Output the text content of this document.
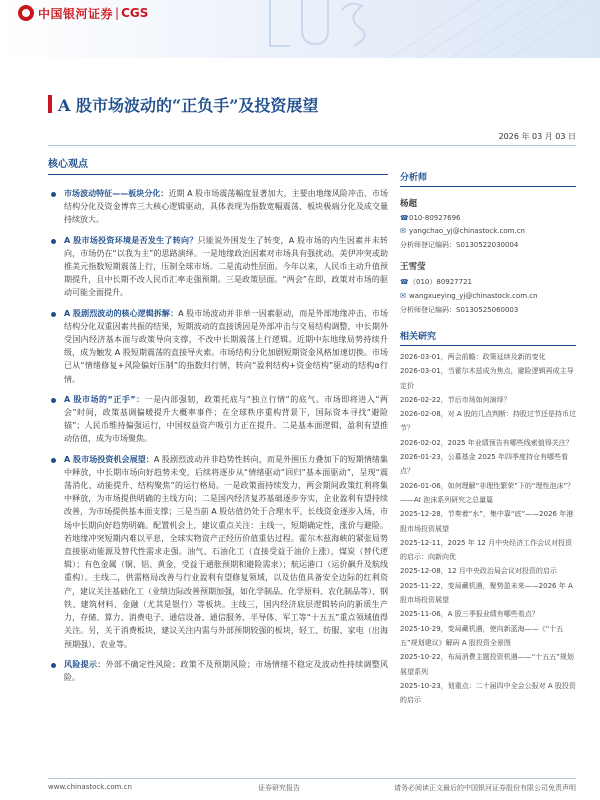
中国银河证券 | CGS
A 股市场波动的“正负手”及投资展望
2026 年 03 月 03 日
核心观点
市场波动特征——板块分化：近期 A 股市场震荡幅度显著加大，主要由地缘风险冲击、市场结构分化及资金博弈三大核心逻辑驱动，具体表现为指数宽幅震荡、板块极端分化及成交量持续放大。
A 股市场投资环境是否发生了转向？只能说外围发生了转变，A 股市场的内生因素并未转向，市场仍在“以我为主”的思路演绎。一是地缘政治因素对市场具有强扰动。美伊冲突或助推美元指数短期震荡上行，压制全球市场。二是流动性层面。今年以来，人民币主动升值预期提升，且中长期不改人民币汇率走强预期。三是政策层面。“两会”在即，政策对市场的驱动可能全面提升。
A 股剧烈波动的核心逻辑拆解：A 股市场波动并非单一因素驱动，而是外部地缘冲击、市场结构分化双重因素共振的结果，短期波动的直接诱因是外部冲击与交易结构调整，中长期外受国内经济基本面与政策导向支撑，不改中长期震荡上行逻辑。近期中东地缘局势持续升级，成为触发 A 股短期震荡的直接导火索。市场结构分化加剧短期资金风格加速切换。市场已从“情绪修复+风险偏好压制”的指数归行情，转向“盈利结构+资金结构”驱动的结构α行情。
A 股市场的“正手”：一是内部强韧，政策托底与“独立行情”的底气。市场即将进入“两会”时间，政策基调偏暖提升大概率事件；在全球秩序重构背景下，国际资本寻找“避险锚”；人民币维持偏强运行，中国权益资产吸引力正在提升。二是基本面逻辑，盈利有望推动估值，成为市场聚焦。
A 股市场投资机会展望：A 股剧烈波动并非趋势性转向，而是外围压力叠加下的短期情绪集中释放，中长期市场向好趋势未变，后续将逐步从“情绪驱动”回归“基本面驱动”，呈现“震荡消化、动能提升、结构聚焦”的运行格局。一是政策面持续发力，两会期间政策红利将集中释放，为市场提供明确的主线方向；二是国内经济复苏基础逐步夯实，企业盈利有望持续改善，为市场提供基本面支撑；三是当前 A 股估值仍处于合理水平，长线资金逐步入场，市场中长期向好趋势明确。配置机会上，建议重点关注：主线一，短期确定性，涨价与避险。若地缘冲突短期内难以平息，全球实物资产正经历价值重估过程。霍尔木兹海峡的紧张局势直接驱动能源及替代性需求走强。油气、石油化工（直接受益于油价上涨），煤炭（替代逻辑）；有色金属（铜、铝、黄金，受益于通胀预期和避险需求）；航运港口（运价飙升及航线重构）。主线二，供需格局改善与行业盈利有望修复领域，以及估值具备安全边际的红利资产，建议关注基础化工（业绩边际改善预期加强，如化学制品、化学原料、农化制品等）、钢铁、建筑材料、金融（尤其是银行）等板块。主线三，国内经济底层逻辑转向的新质生产力，存储、算力、消费电子、通信设备、通信服务、半导体、军工等“十五五”重点领域值得关注。另，关于消费板块，建议关注内需与外部预期较强的板块，轻工、纺服、家电（出海预期强）、农业等。
风险提示：外部不确定性风险；政策不及预期风险；市场情绪不稳定及波动性持续调整风险。
分析师
杨超
☎ 010-80927696
✉ yangchao_yj@chinastock.com.cn
分析师登记编码：S0130522030004
王雪莹
☎ （010）80927721
✉ wangxueying_yj@chinastock.com.cn
分析师登记编码：S0130525060003
相关研究
2026-03-01，两会前瞻：政策延续及新的变化
2026-03-01，当霍尔木兹成为焦点，避险逻辑再成主导定价
2026-02-22，节后市场如何演绎？
2026-02-08，对 A 股的几点判断：持股过节还是持币过节？
2026-02-02，2025 年业绩预告有哪些线索值得关注？
2026-01-23，公募基金 2025 年四季度持仓有哪些看点？
2026-01-06，如何理解“非理性繁荣”下的“理性泡沫”？——AI 泡沫系列研究之总量篇
2025-12-28，节奏着“水”，集中靠“底”——2026 年港股市场投资展望
2025-12-11，2025 年 12 月中央经济工作会议对投资的启示：向新向优
2025-12-08，12 月中央政治局会议对投资的启示
2025-11-22，变局藏机遇，聚势盈未来——2026 年 A 股市场投资展望
2025-11-06，A 股三季报业绩有哪些看点？
2025-10-29，变局藏机遇，使向新蓝海——《“十五五”规划建议》解码 A 股投资全景图
2025-10-22，布局消费主题投资机遇——“十五五”规划展望系列
2025-10-23，划重点：二十届四中全会公报对 A 股投资的启示
www.chinastock.com.cn	证券研究报告	请务必阅读正文最后的中国银河证券股份有限公司免责声明
